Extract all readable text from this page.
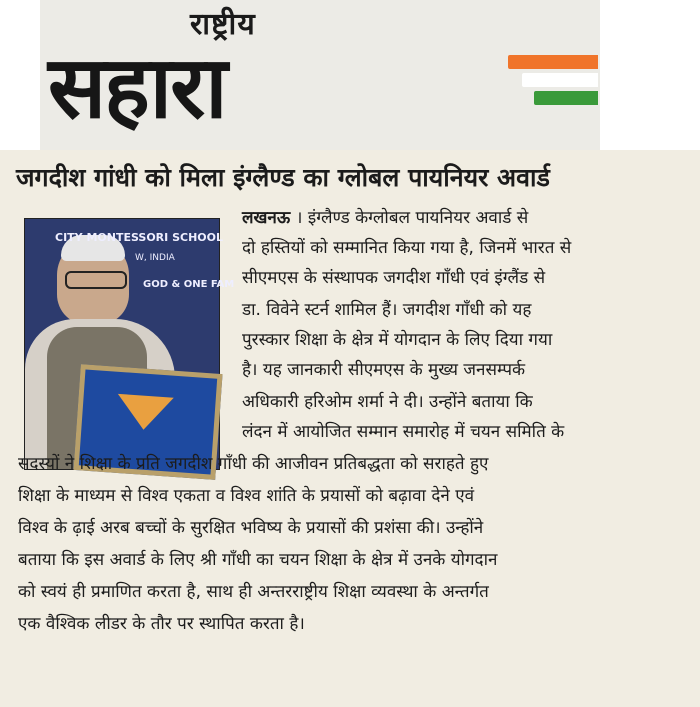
राष्ट्रीय
सहारा
जगदीश गांधी को मिला इंग्लैण्ड का ग्लोबल पायनियर अवार्ड
CITY MONTESSORI SCHOOL
W, INDIA
GOD & ONE FAM
लखनऊ । इंग्लैण्ड केग्लोबल पायनियर अवार्ड से
दो हस्तियों को सम्मानित किया गया है, जिनमें भारत से
सीएमएस के संस्थापक जगदीश गाँधी एवं इंग्लैंड से
डा. विवेने स्टर्न शामिल हैं। जगदीश गाँधी को यह
पुरस्कार शिक्षा के क्षेत्र में योगदान के लिए दिया गया
है। यह जानकारी सीएमएस के मुख्य जनसम्पर्क
अधिकारी हरिओम शर्मा ने दी। उन्होंने बताया कि
लंदन में आयोजित सम्मान समारोह में चयन समिति के
सदस्यों ने शिक्षा के प्रति जगदीश गाँधी की आजीवन प्रतिबद्धता को सराहते हुए
शिक्षा के माध्यम से विश्व एकता व विश्व शांति के प्रयासों को बढ़ावा देने एवं
विश्व के ढ़ाई अरब बच्चों के सुरक्षित भविष्य के प्रयासों की प्रशंसा की। उन्होंने
बताया कि इस अवार्ड के लिए श्री गाँधी का चयन शिक्षा के क्षेत्र में उनके योगदान
को स्वयं ही प्रमाणित करता है, साथ ही अन्तरराष्ट्रीय शिक्षा व्यवस्था के अन्तर्गत
एक वैश्विक लीडर के तौर पर स्थापित करता है।
